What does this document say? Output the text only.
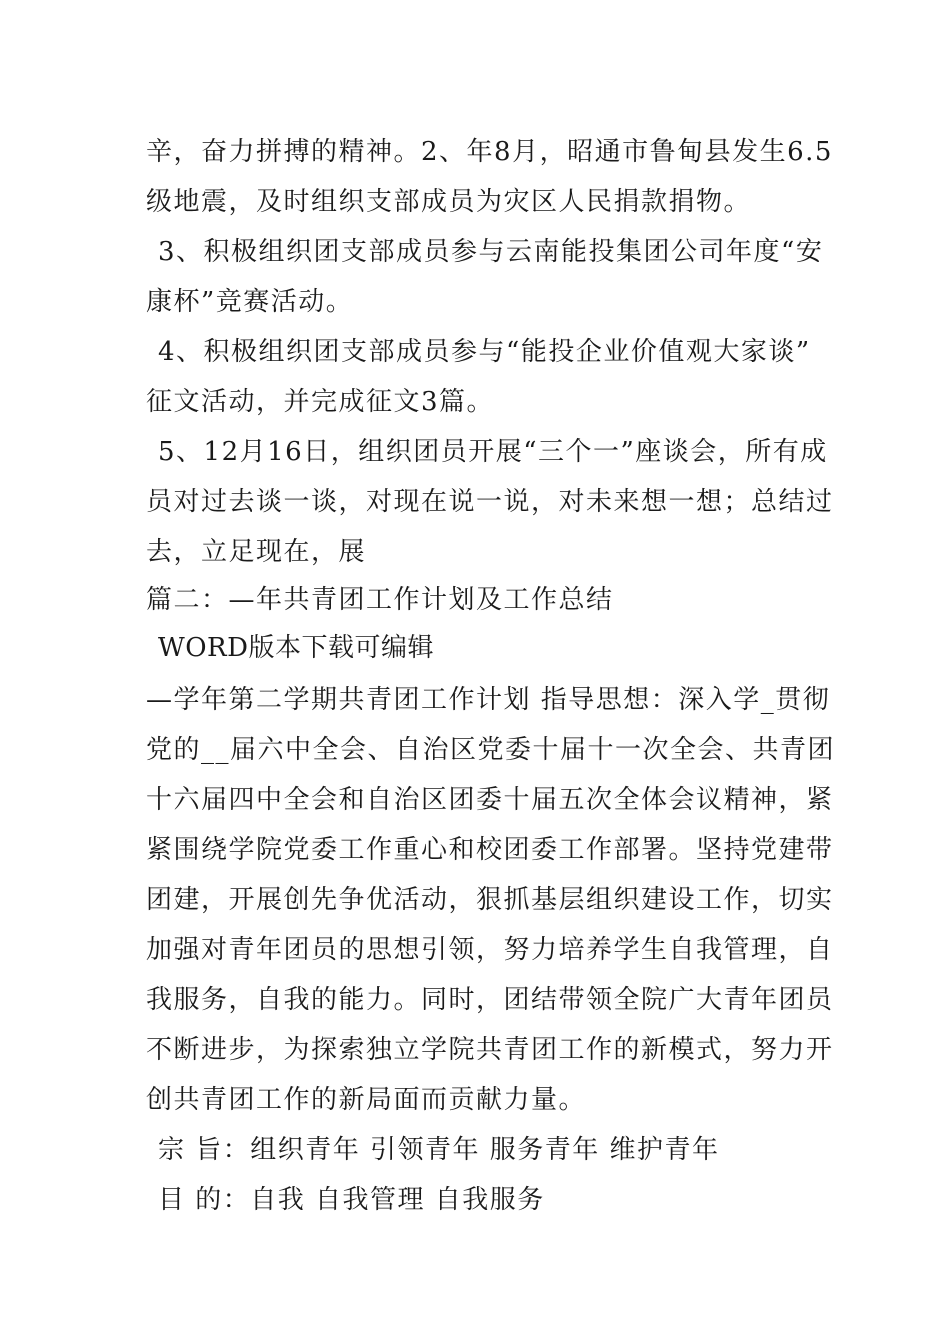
辛，奋力拼搏的精神。2、年8月，昭通市鲁甸县发生6.5

级地震，及时组织支部成员为灾区人民捐款捐物。

3、积极组织团支部成员参与云南能投集团公司年度“安

康杯”竞赛活动。

4、积极组织团支部成员参与“能投企业价值观大家谈”

征文活动，并完成征文3篇。

5、12月16日，组织团员开展“三个一”座谈会，所有成

员对过去谈一谈，对现在说一说，对未来想一想；总结过

去，立足现在，展

篇二：—年共青团工作计划及工作总结

WORD版本下载可编辑

—学年第二学期共青团工作计划 指导思想：深入学_贯彻

党的__届六中全会、自治区党委十届十一次全会、共青团

十六届四中全会和自治区团委十届五次全体会议精神，紧

紧围绕学院党委工作重心和校团委工作部署。坚持党建带

团建，开展创先争优活动，狠抓基层组织建设工作，切实

加强对青年团员的思想引领，努力培养学生自我管理，自

我服务，自我的能力。同时，团结带领全院广大青年团员

不断进步，为探索独立学院共青团工作的新模式，努力开

创共青团工作的新局面而贡献力量。

宗 旨：组织青年 引领青年 服务青年 维护青年

目 的：自我 自我管理 自我服务
